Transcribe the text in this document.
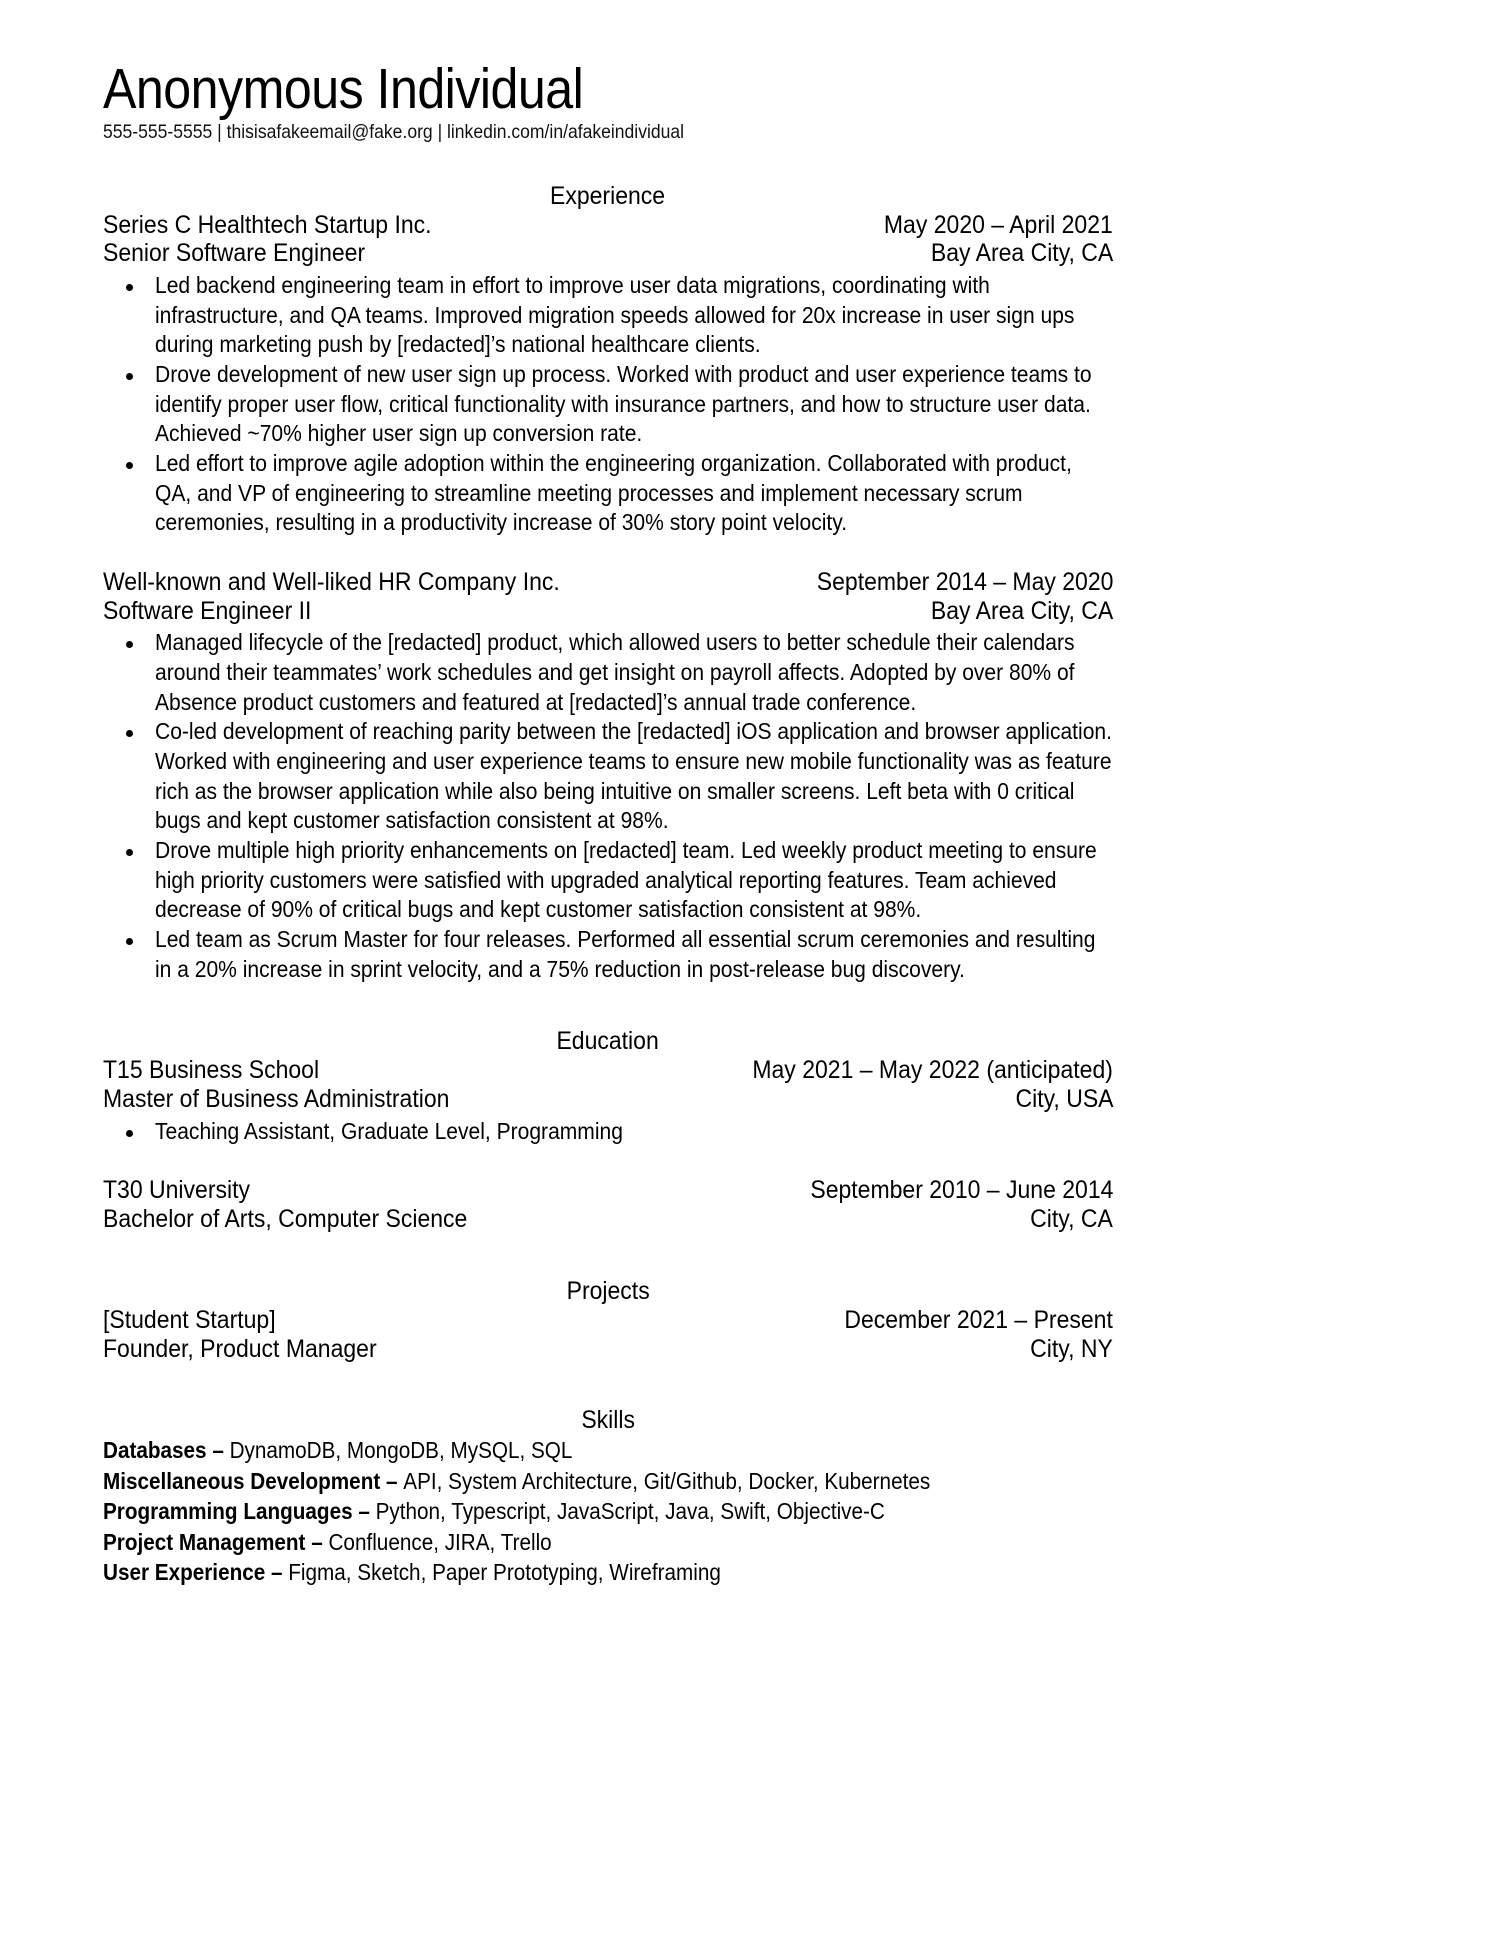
Anonymous Individual

555-555-5555 | thisisafakeemail@fake.org | linkedin.com/in/afakeindividual

Experience
Series C Healthtech Startup Inc.	May 2020 – April 2021
Senior Software Engineer	Bay Area City, CA
Led backend engineering team in effort to improve user data migrations, coordinating with infrastructure, and QA teams. Improved migration speeds allowed for 20x increase in user sign ups during marketing push by [redacted]’s national healthcare clients.
Drove development of new user sign up process. Worked with product and user experience teams to identify proper user flow, critical functionality with insurance partners, and how to structure user data. Achieved ~70% higher user sign up conversion rate.
Led effort to improve agile adoption within the engineering organization. Collaborated with product, QA, and VP of engineering to streamline meeting processes and implement necessary scrum ceremonies, resulting in a productivity increase of 30% story point velocity.
Well-known and Well-liked HR Company Inc.	September 2014 – May 2020
Software Engineer II	Bay Area City, CA
Managed lifecycle of the [redacted] product, which allowed users to better schedule their calendars around their teammates’ work schedules and get insight on payroll affects. Adopted by over 80% of Absence product customers and featured at [redacted]’s annual trade conference.
Co-led development of reaching parity between the [redacted] iOS application and browser application. Worked with engineering and user experience teams to ensure new mobile functionality was as feature rich as the browser application while also being intuitive on smaller screens. Left beta with 0 critical bugs and kept customer satisfaction consistent at 98%.
Drove multiple high priority enhancements on [redacted] team. Led weekly product meeting to ensure high priority customers were satisfied with upgraded analytical reporting features. Team achieved decrease of 90% of critical bugs and kept customer satisfaction consistent at 98%.
Led team as Scrum Master for four releases. Performed all essential scrum ceremonies and resulting in a 20% increase in sprint velocity, and a 75% reduction in post-release bug discovery.
Education
T15 Business School	May 2021 – May 2022 (anticipated)
Master of Business Administration	City, USA
Teaching Assistant, Graduate Level, Programming
T30 University	September 2010 – June 2014
Bachelor of Arts, Computer Science	City, CA
Projects
[Student Startup]	December 2021 – Present
Founder, Product Manager	City, NY
Skills
Databases – DynamoDB, MongoDB, MySQL, SQL
Miscellaneous Development – API, System Architecture, Git/Github, Docker, Kubernetes
Programming Languages – Python, Typescript, JavaScript, Java, Swift, Objective-C
Project Management – Confluence, JIRA, Trello
User Experience – Figma, Sketch, Paper Prototyping, Wireframing
